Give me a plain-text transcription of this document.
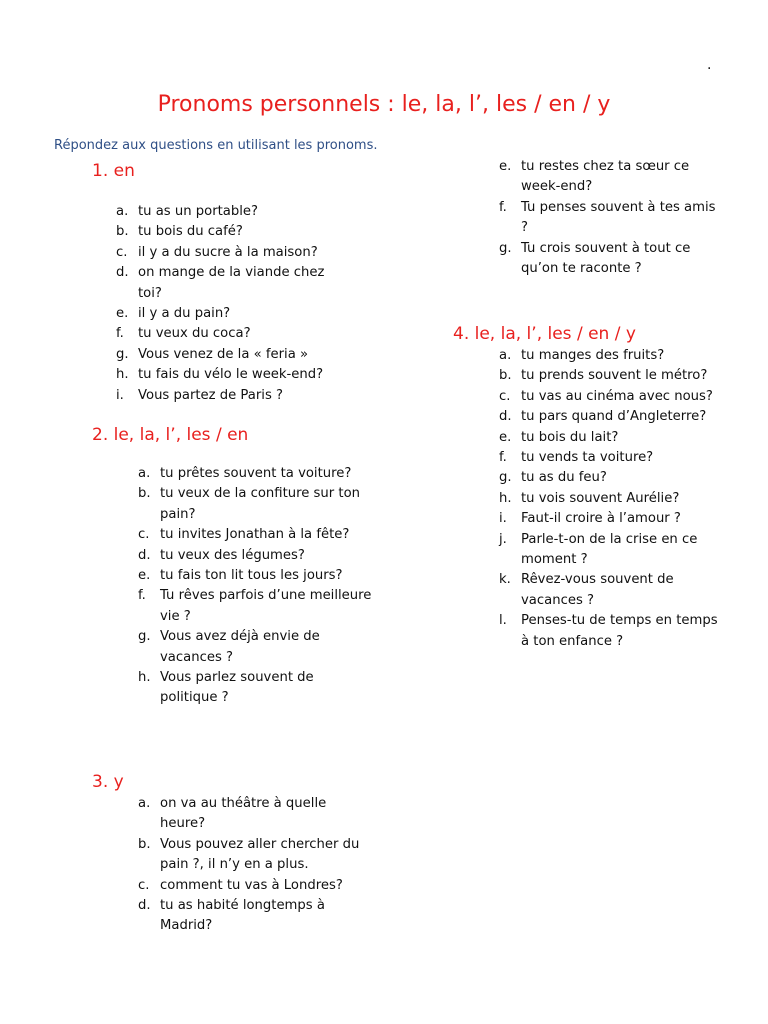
.
Pronoms personnels : le, la, l’, les / en / y

Répondez aux questions en utilisant les pronoms.

1. en
a. tu as un portable?
b. tu bois du café?
c. il y a du sucre à la maison?
d. on mange de la viande chez toi?
e. il y a du pain?
f. tu veux du coca?
g. Vous venez de la « feria »
h. tu fais du vélo le week-end?
i. Vous partez de Paris ?
2. le, la, l’, les / en
a. tu prêtes souvent ta voiture?
b. tu veux de la confiture sur ton pain?
c. tu invites Jonathan à la fête?
d. tu veux des légumes?
e. tu fais ton lit tous les jours?
f. Tu rêves parfois d’une meilleure vie ?
g. Vous avez déjà envie de vacances ?
h. Vous parlez souvent de politique ?
3. y
a. on va au théâtre à quelle heure?
b. Vous pouvez aller chercher du pain ?, il n’y en a plus.
c. comment tu vas à Londres?
d. tu as habité longtemps à Madrid?
e. tu restes chez ta sœur ce week-end?
f. Tu penses souvent à tes amis ?
g. Tu crois souvent à tout ce qu’on te raconte ?
4. le, la, l’, les / en / y
a. tu manges des fruits?
b. tu prends souvent le métro?
c. tu vas au cinéma avec nous?
d. tu pars quand d’Angleterre?
e. tu bois du lait?
f. tu vends ta voiture?
g. tu as du feu?
h. tu vois souvent Aurélie?
i. Faut-il croire à l’amour ?
j. Parle-t-on de la crise en ce moment ?
k. Rêvez-vous souvent de vacances ?
l. Penses-tu de temps en temps à ton enfance ?
